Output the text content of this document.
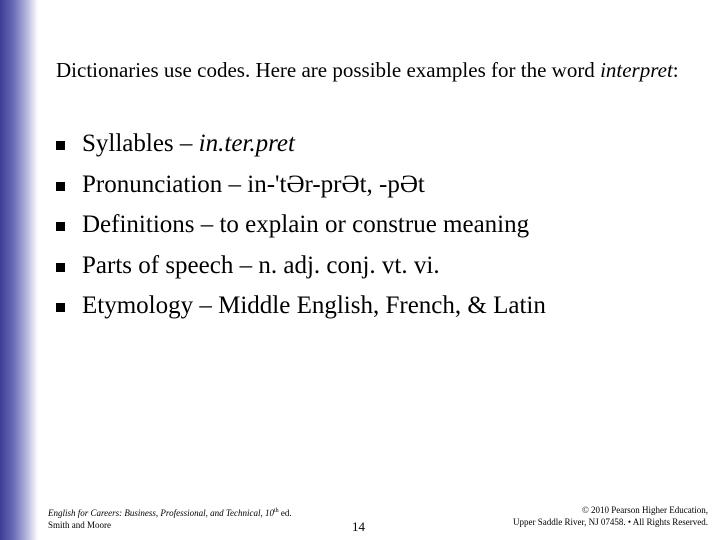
Dictionaries use codes. Here are possible examples for the word interpret:
Syllables – in.ter.pret
Pronunciation – in-'tƏr-prƏt, -pƏt
Definitions – to explain or construe meaning
Parts of speech – n. adj. conj. vt. vi.
Etymology – Middle English, French, & Latin
English for Careers: Business, Professional, and Technical, 10th ed.
Smith and Moore	14
© 2010 Pearson Higher Education,
Upper Saddle River, NJ 07458. • All Rights Reserved.
